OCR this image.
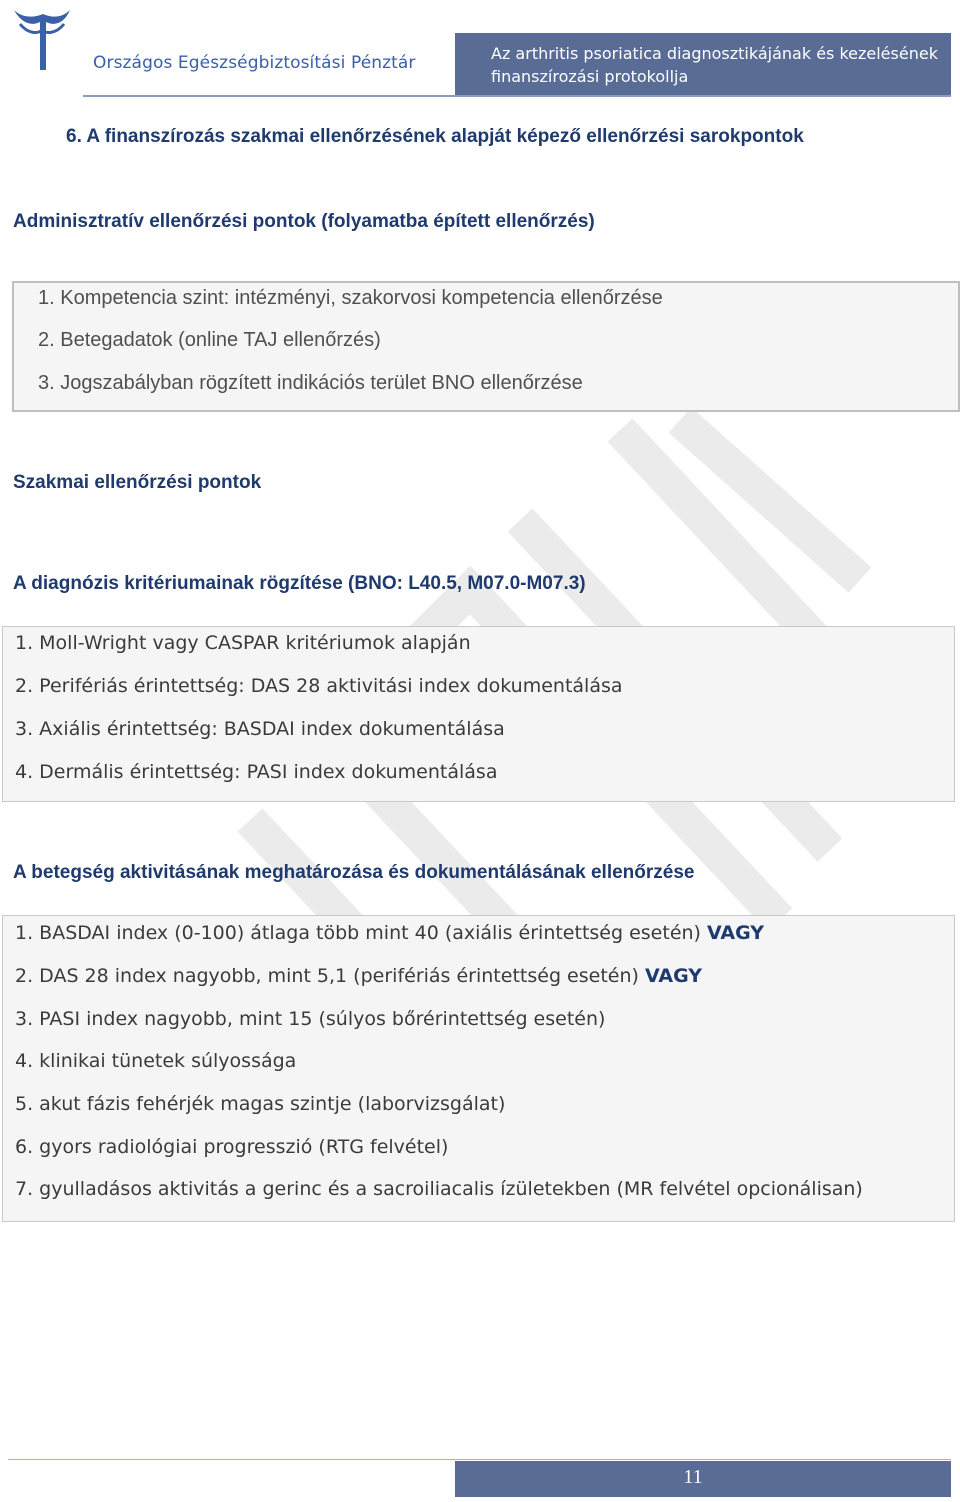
Országos Egészségbiztosítási Pénztár	Az arthritis psoriatica diagnosztikájának és kezelésének
finanszírozási protokollja
6. A finanszírozás szakmai ellenőrzésének alapját képező ellenőrzési sarokpontok
Adminisztratív ellenőrzési pontok (folyamatba épített ellenőrzés)
1. Kompetencia szint: intézményi, szakorvosi kompetencia ellenőrzése
2. Betegadatok (online TAJ ellenőrzés)
3. Jogszabályban rögzített indikációs terület BNO ellenőrzése
Szakmai ellenőrzési pontok
A diagnózis kritériumainak rögzítése (BNO: L40.5, M07.0-M07.3)
1. Moll-Wright vagy CASPAR kritériumok alapján
2. Perifériás érintettség: DAS 28 aktivitási index dokumentálása
3. Axiális érintettség: BASDAI index dokumentálása
4. Dermális érintettség: PASI index dokumentálása
A betegség aktivitásának meghatározása és dokumentálásának ellenőrzése
1. BASDAI index (0-100) átlaga több mint 40 (axiális érintettség esetén) VAGY
2. DAS 28 index nagyobb, mint 5,1 (perifériás érintettség esetén) VAGY
3. PASI index nagyobb, mint 15 (súlyos bőrérintettség esetén)
4. klinikai tünetek súlyossága
5. akut fázis fehérjék magas szintje (laborvizsgálat)
6. gyors radiológiai progresszió (RTG felvétel)
7. gyulladásos aktivitás a gerinc és a sacroiliacalis ízületekben (MR felvétel opcionálisan)
11
